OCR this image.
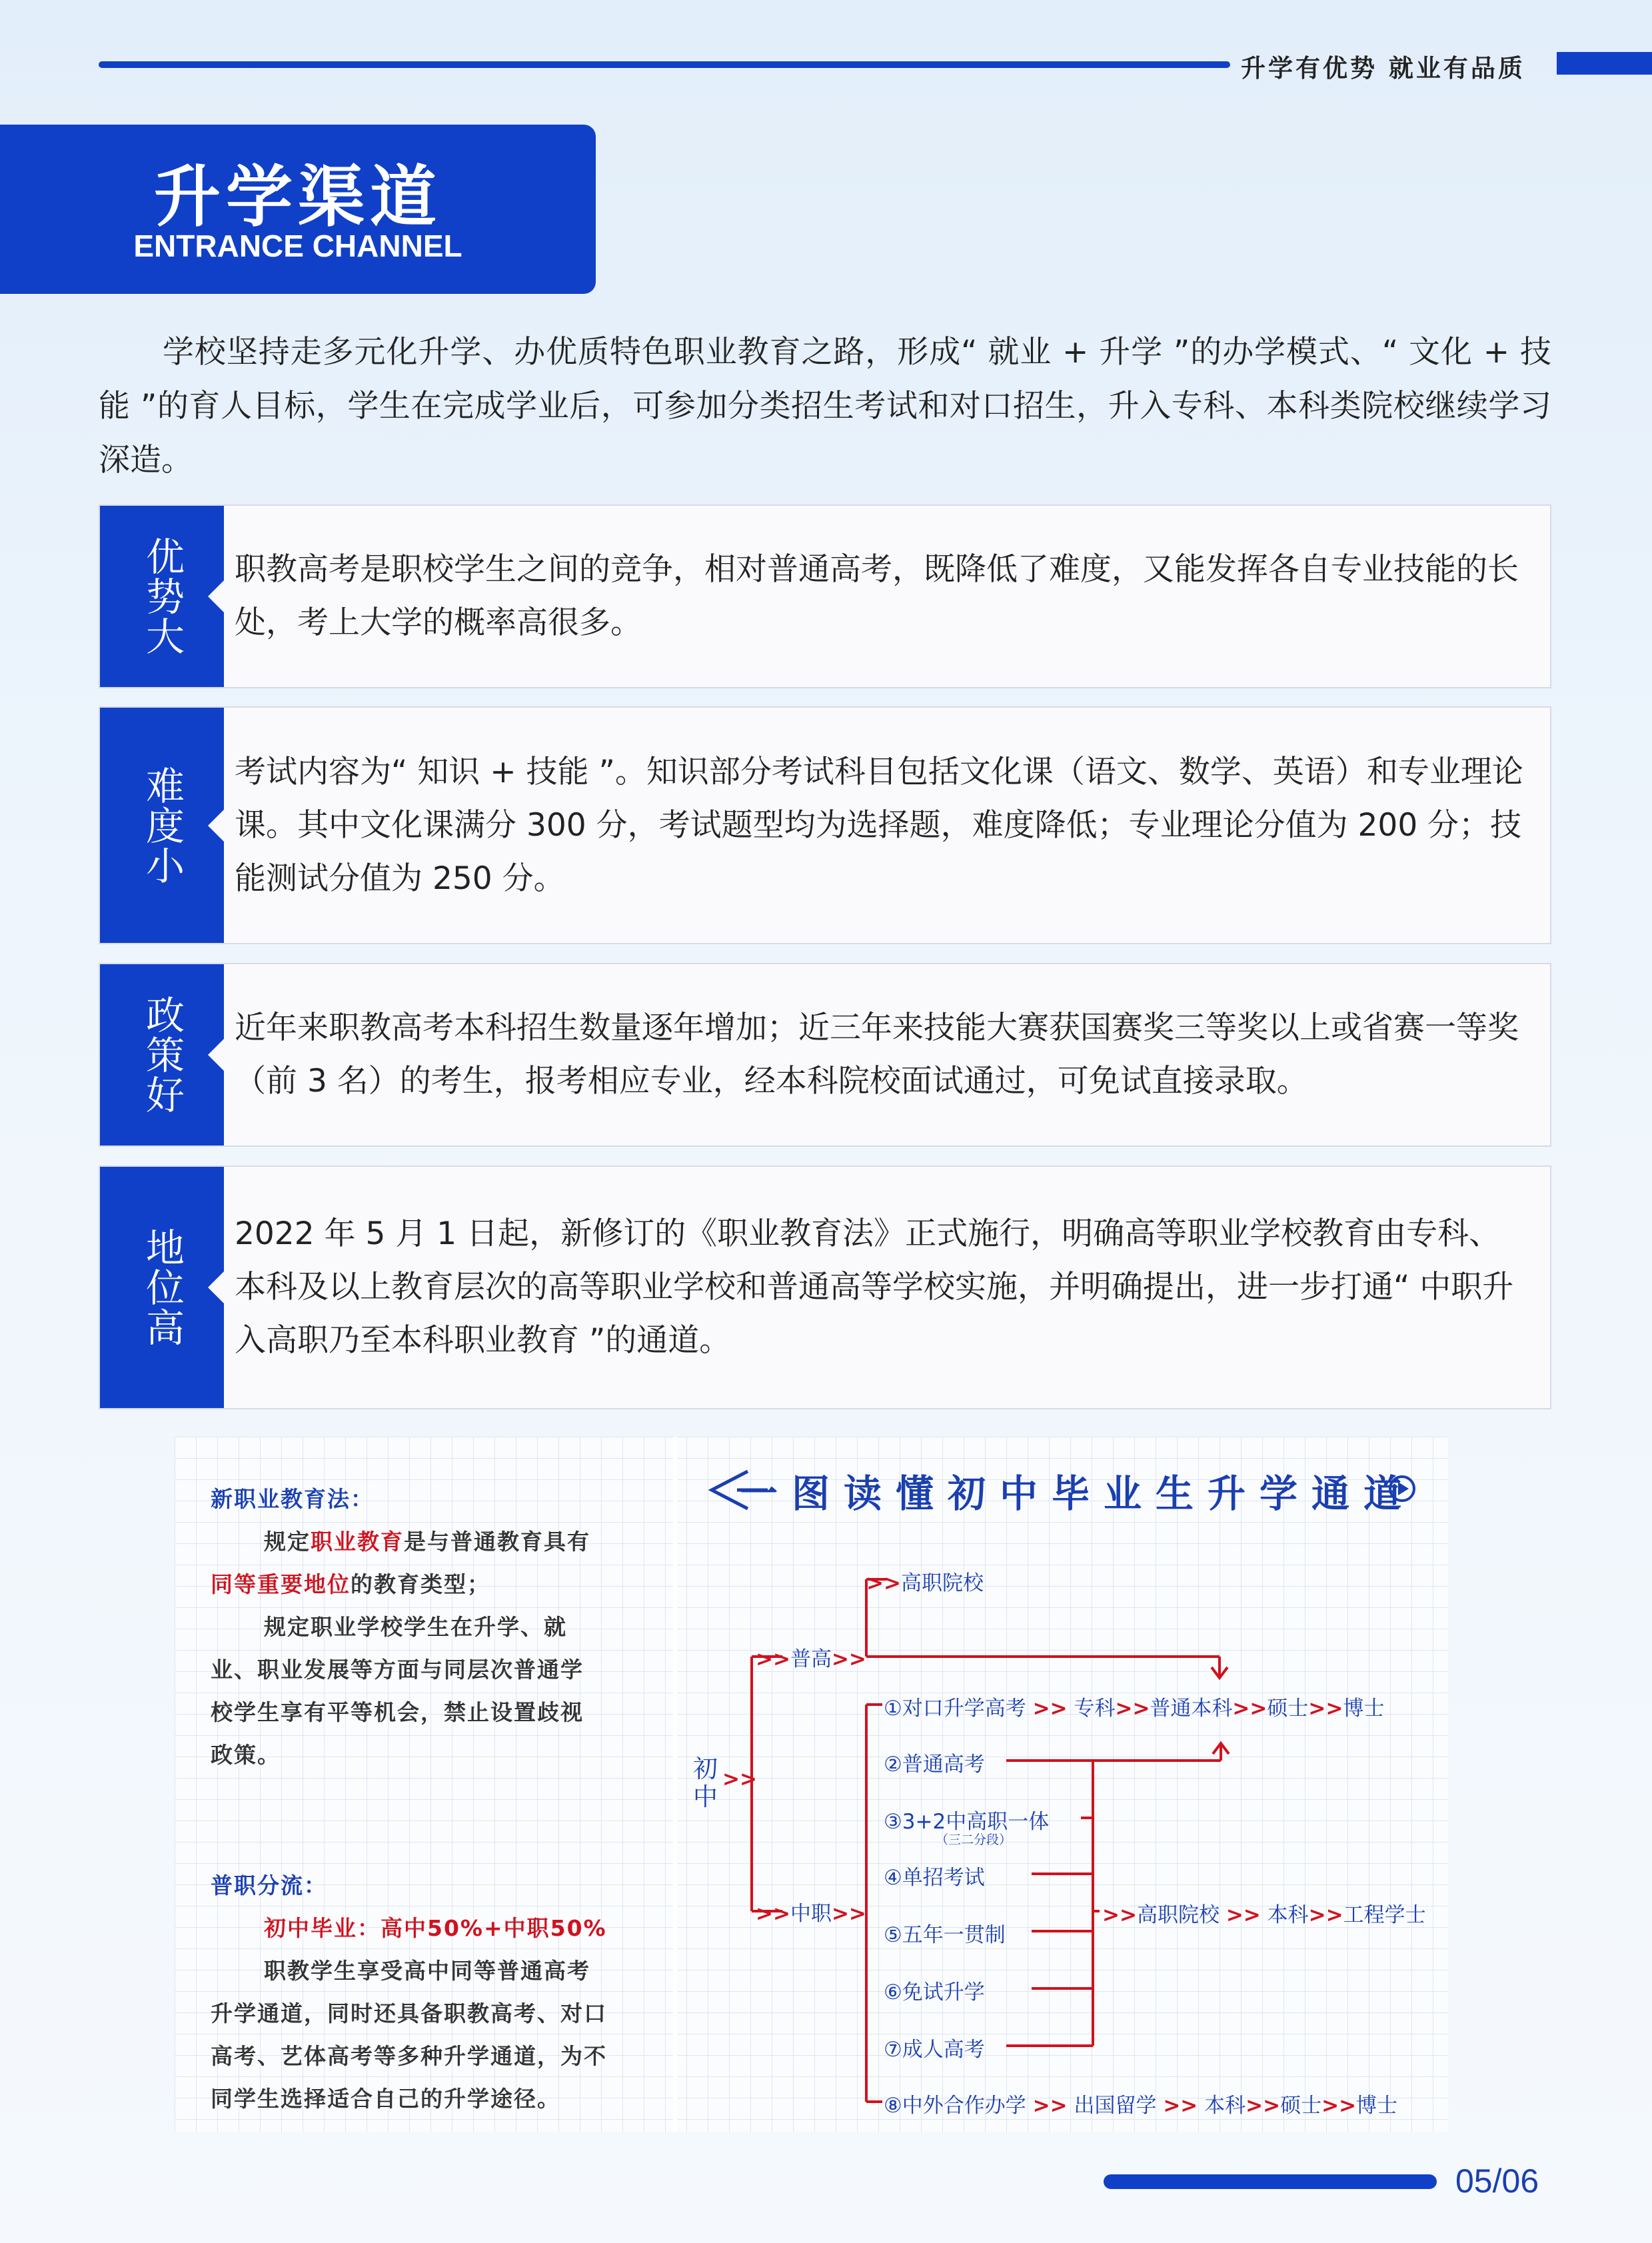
升学有优势 就业有品质
升学渠道
ENTRANCE CHANNEL
学校坚持走多元化升学、办优质特色职业教育之路，形成“ 就业 + 升学 ”的办学模式、“ 文化 + 技能 ”的育人目标，学生在完成学业后，可参加分类招生考试和对口招生，升入专科、本科类院校继续学习深造。
优势大	职教高考是职校学生之间的竞争，相对普通高考，既降低了难度，又能发挥各自专业技能的长处，考上大学的概率高很多。
难度小	考试内容为“ 知识 + 技能 ”。知识部分考试科目包括文化课（语文、数学、英语）和专业理论课。其中文化课满分 300 分，考试题型均为选择题，难度降低；专业理论分值为 200 分；技能测试分值为 250 分。
政策好	近年来职教高考本科招生数量逐年增加；近三年来技能大赛获国赛奖三等奖以上或省赛一等奖（前 3 名）的考生，报考相应专业，经本科院校面试通过，可免试直接录取。
地位高	2022 年 5 月 1 日起，新修订的《职业教育法》正式施行，明确高等职业学校教育由专科、本科及以上教育层次的高等职业学校和普通高等学校实施，并明确提出，进一步打通“ 中职升入高职乃至本科职业教育 ”的通道。
新职业教育法：
规定职业教育是与普通教育具有
同等重要地位的教育类型；
规定职业学校学生在升学、就
业、职业发展等方面与同层次普通学
校学生享有平等机会，禁止设置歧视
政策。
普职分流：
初中毕业：高中50%+中职50%
职教学生享受高中同等普通高考
升学通道，同时还具备职教高考、对口
高考、艺体高考等多种升学通道，为不
同学生选择适合自己的升学途径。
一图读懂初中毕业生升学通道
初中
>>
>>普高>>
>>中职>>
>>高职院校
①对口升学高考 >> 专科>>普通本科>>硕士>>博士
②普通高考
③3+2中高职一体
（三二分段）
④单招考试
⑤五年一贯制
⑥免试升学
⑦成人高考
⑧中外合作办学 >> 出国留学 >> 本科>>硕士>>博士
>>高职院校 >> 本科>>工程学士
05/06
